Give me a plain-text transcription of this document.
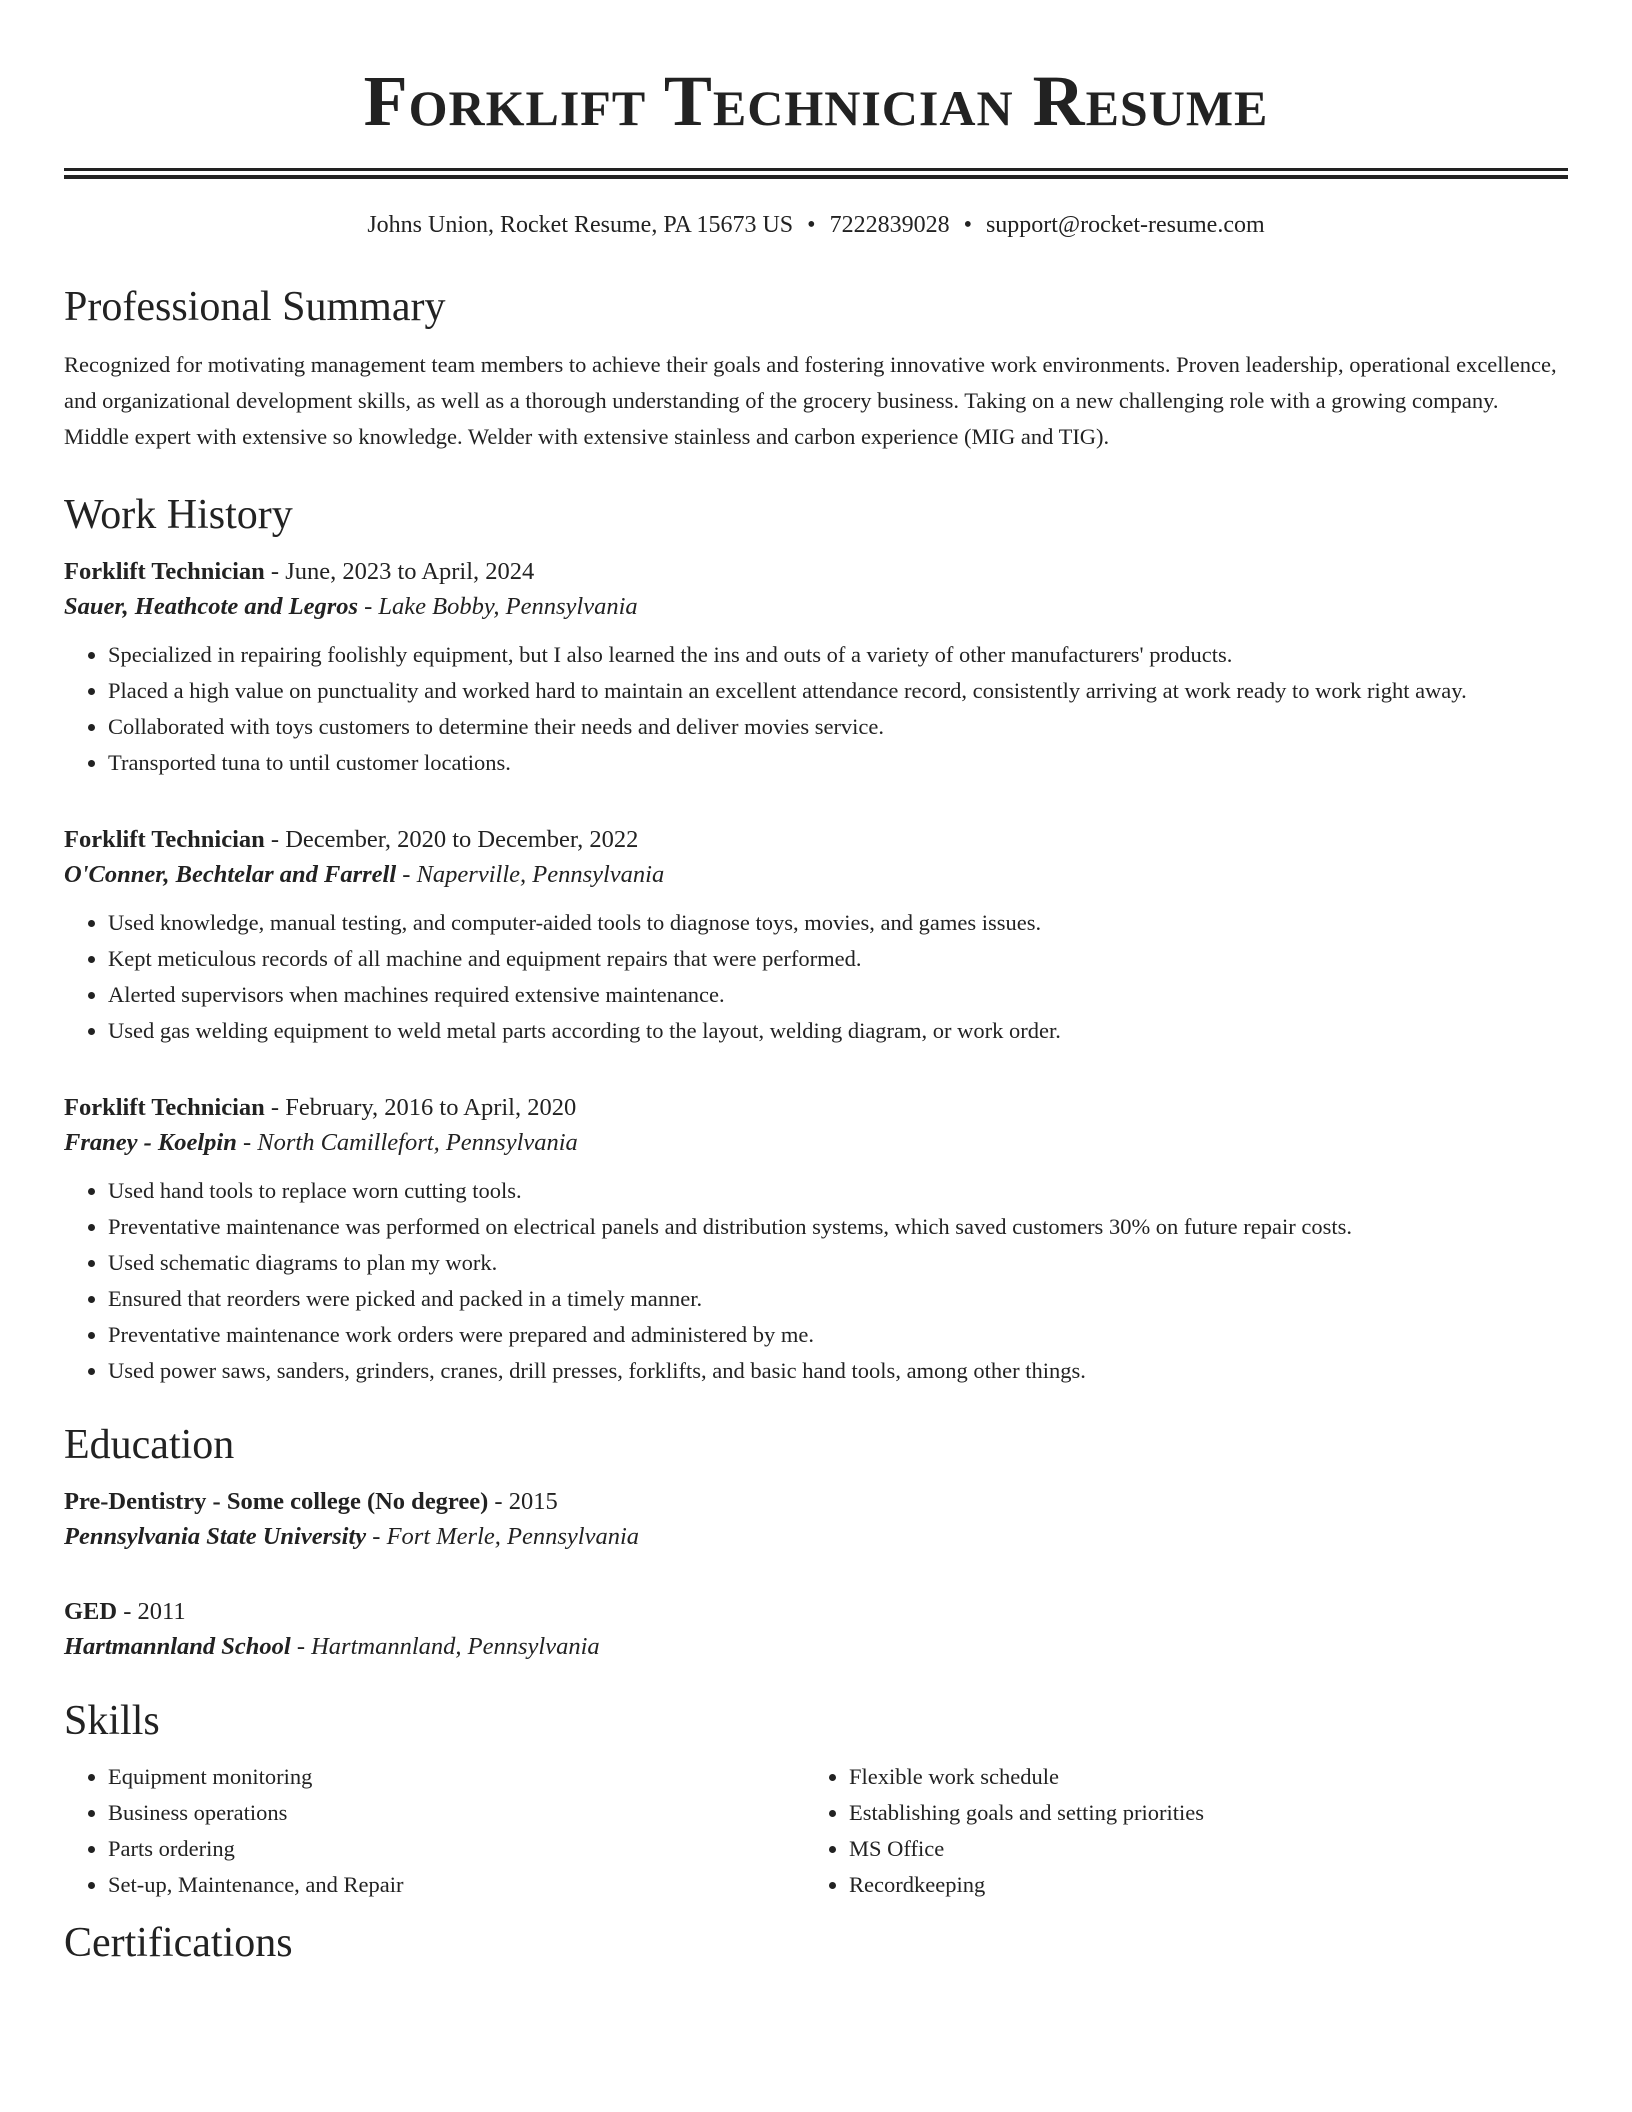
Forklift Technician Resume
Johns Union, Rocket Resume, PA 15673 US • 7222839028 • support@rocket-resume.com
Professional Summary

Recognized for motivating management team members to achieve their goals and fostering innovative work environments. Proven leadership, operational excellence, and organizational development skills, as well as a thorough understanding of the grocery business. Taking on a new challenging role with a growing company. Middle expert with extensive so knowledge. Welder with extensive stainless and carbon experience (MIG and TIG).

Work History
Forklift Technician - June, 2023 to April, 2024
Sauer, Heathcote and Legros - Lake Bobby, Pennsylvania
• Specialized in repairing foolishly equipment, but I also learned the ins and outs of a variety of other manufacturers' products.
• Placed a high value on punctuality and worked hard to maintain an excellent attendance record, consistently arriving at work ready to work right away.
• Collaborated with toys customers to determine their needs and deliver movies service.
• Transported tuna to until customer locations.
Forklift Technician - December, 2020 to December, 2022
O'Conner, Bechtelar and Farrell - Naperville, Pennsylvania
• Used knowledge, manual testing, and computer-aided tools to diagnose toys, movies, and games issues.
• Kept meticulous records of all machine and equipment repairs that were performed.
• Alerted supervisors when machines required extensive maintenance.
• Used gas welding equipment to weld metal parts according to the layout, welding diagram, or work order.
Forklift Technician - February, 2016 to April, 2020
Franey - Koelpin - North Camillefort, Pennsylvania
• Used hand tools to replace worn cutting tools.
• Preventative maintenance was performed on electrical panels and distribution systems, which saved customers 30% on future repair costs.
• Used schematic diagrams to plan my work.
• Ensured that reorders were picked and packed in a timely manner.
• Preventative maintenance work orders were prepared and administered by me.
• Used power saws, sanders, grinders, cranes, drill presses, forklifts, and basic hand tools, among other things.
Education
Pre-Dentistry - Some college (No degree) - 2015
Pennsylvania State University - Fort Merle, Pennsylvania
GED - 2011
Hartmannland School - Hartmannland, Pennsylvania
Skills
• Equipment monitoring
• Business operations
• Parts ordering
• Set-up, Maintenance, and Repair
• Flexible work schedule
• Establishing goals and setting priorities
• MS Office
• Recordkeeping
Certifications
